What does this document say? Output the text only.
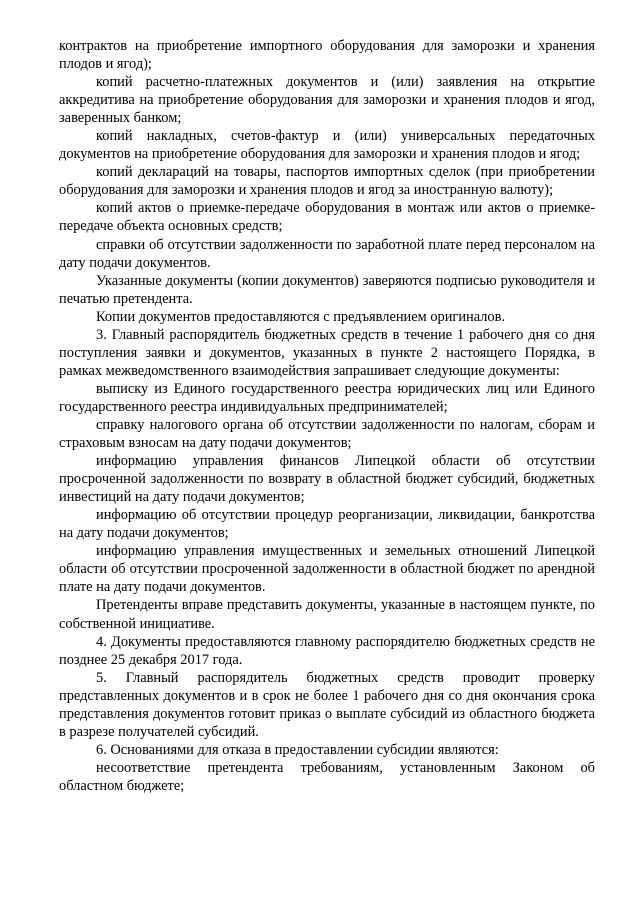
контрактов на приобретение импортного оборудования для заморозки и хранения плодов и ягод);

копий расчетно-платежных документов и (или) заявления на открытие аккредитива на приобретение оборудования для заморозки и хранения плодов и ягод, заверенных банком;

копий накладных, счетов-фактур и (или) универсальных передаточных документов на приобретение оборудования для заморозки и хранения плодов и ягод;

копий деклараций на товары, паспортов импортных сделок (при приобретении оборудования для заморозки и хранения плодов и ягод за иностранную валюту);

копий актов о приемке-передаче оборудования в монтаж или актов о приемке-передаче объекта основных средств;

справки об отсутствии задолженности по заработной плате перед персоналом на дату подачи документов.

Указанные документы (копии документов) заверяются подписью руководителя и печатью претендента.

Копии документов предоставляются с предъявлением оригиналов.

3. Главный распорядитель бюджетных средств в течение 1 рабочего дня со дня поступления заявки и документов, указанных в пункте 2 настоящего Порядка, в рамках межведомственного взаимодействия запрашивает следующие документы:

выписку из Единого государственного реестра юридических лиц или Единого государственного реестра индивидуальных предпринимателей;

справку налогового органа об отсутствии задолженности по налогам, сборам и страховым взносам на дату подачи документов;

информацию управления финансов Липецкой области об отсутствии просроченной задолженности по возврату в областной бюджет субсидий, бюджетных инвестиций на дату подачи документов;

информацию об отсутствии процедур реорганизации, ликвидации, банкротства на дату подачи документов;

информацию управления имущественных и земельных отношений Липецкой области об отсутствии просроченной задолженности в областной бюджет по арендной плате на дату подачи документов.

Претенденты вправе представить документы, указанные в настоящем пункте, по собственной инициативе.

4. Документы предоставляются главному распорядителю бюджетных средств не позднее 25 декабря 2017 года.

5. Главный распорядитель бюджетных средств проводит проверку представленных документов и в срок не более 1 рабочего дня со дня окончания срока представления документов готовит приказ о выплате субсидий из областного бюджета в разрезе получателей субсидий.

6. Основаниями для отказа в предоставлении субсидии являются:

несоответствие претендента требованиям, установленным Законом об областном бюджете;
